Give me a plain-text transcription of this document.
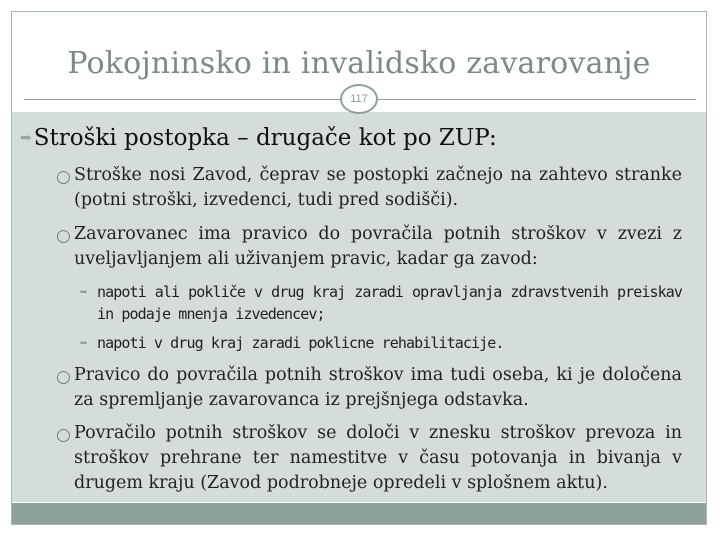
Pokojninsko in invalidsko zavarovanje
117
➥Stroški postopka – drugače kot po ZUP:
○ Stroške nosi Zavod, čeprav se postopki začnejo na zahtevo stranke (potni stroški, izvedenci, tudi pred sodišči).
○ Zavarovanec ima pravico do povračila potnih stroškov v zvezi z uveljavljanjem ali uživanjem pravic, kadar ga zavod:
➥ napoti ali pokliče v drug kraj zaradi opravljanja zdravstvenih preiskav in podaje mnenja izvedencev;
➥ napoti v drug kraj zaradi poklicne rehabilitacije.
○ Pravico do povračila potnih stroškov ima tudi oseba, ki je določena za spremljanje zavarovanca iz prejšnjega odstavka.
○ Povračilo potnih stroškov se določi v znesku stroškov prevoza in stroškov prehrane ter namestitve v času potovanja in bivanja v drugem kraju (Zavod podrobneje opredeli v splošnem aktu).
